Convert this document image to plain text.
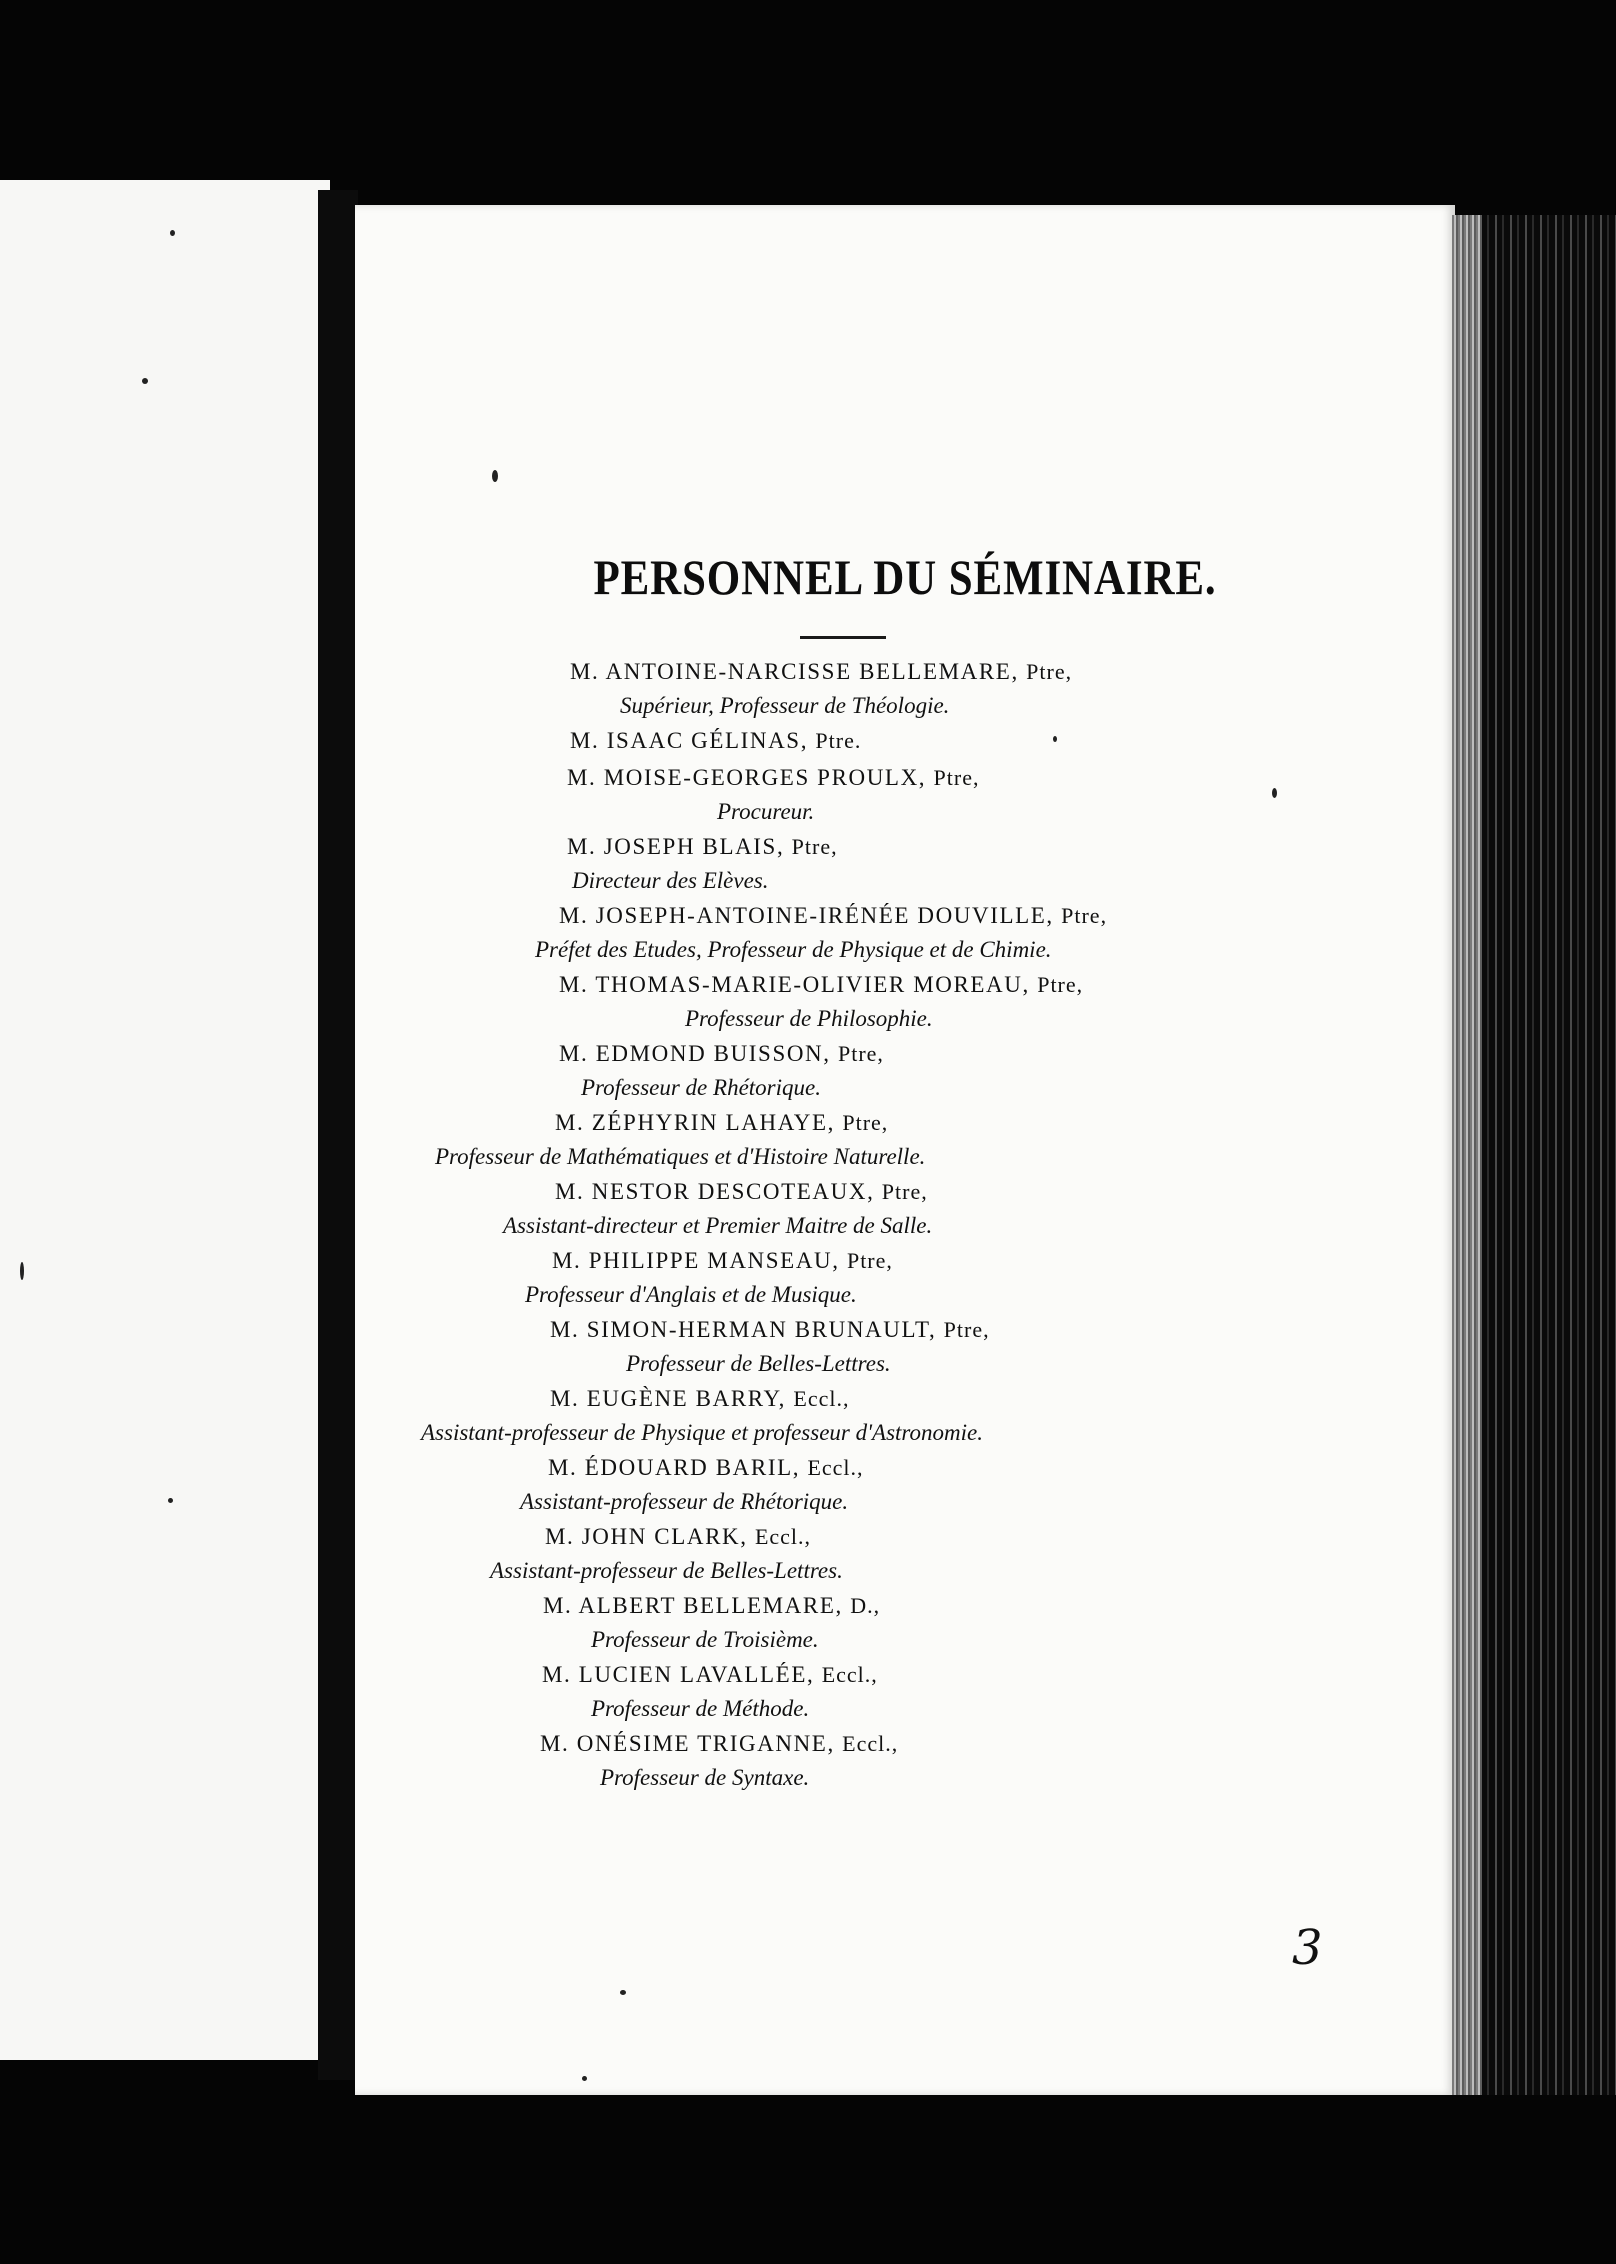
PERSONNEL DU SÉMINAIRE.
M. ANTOINE-NARCISSE BELLEMARE, Ptre,
Supérieur, Professeur de Théologie.
M. ISAAC GÉLINAS, Ptre.
M. MOISE-GEORGES PROULX, Ptre,
Procureur.
M. JOSEPH BLAIS, Ptre,
Directeur des Elèves.
M. JOSEPH-ANTOINE-IRÉNÉE DOUVILLE, Ptre,
Préfet des Etudes, Professeur de Physique et de Chimie.
M. THOMAS-MARIE-OLIVIER MOREAU, Ptre,
Professeur de Philosophie.
M. EDMOND BUISSON, Ptre,
Professeur de Rhétorique.
M. ZÉPHYRIN LAHAYE, Ptre,
Professeur de Mathématiques et d'Histoire Naturelle.
M. NESTOR DESCOTEAUX, Ptre,
Assistant-directeur et Premier Maitre de Salle.
M. PHILIPPE MANSEAU, Ptre,
Professeur d'Anglais et de Musique.
M. SIMON-HERMAN BRUNAULT, Ptre,
Professeur de Belles-Lettres.
M. EUGÈNE BARRY, Eccl.,
Assistant-professeur de Physique et professeur d'Astronomie.
M. ÉDOUARD BARIL, Eccl.,
Assistant-professeur de Rhétorique.
M. JOHN CLARK, Eccl.,
Assistant-professeur de Belles-Lettres.
M. ALBERT BELLEMARE, D.,
Professeur de Troisième.
M. LUCIEN LAVALLÉE, Eccl.,
Professeur de Méthode.
M. ONÉSIME TRIGANNE, Eccl.,
Professeur de Syntaxe.
3
